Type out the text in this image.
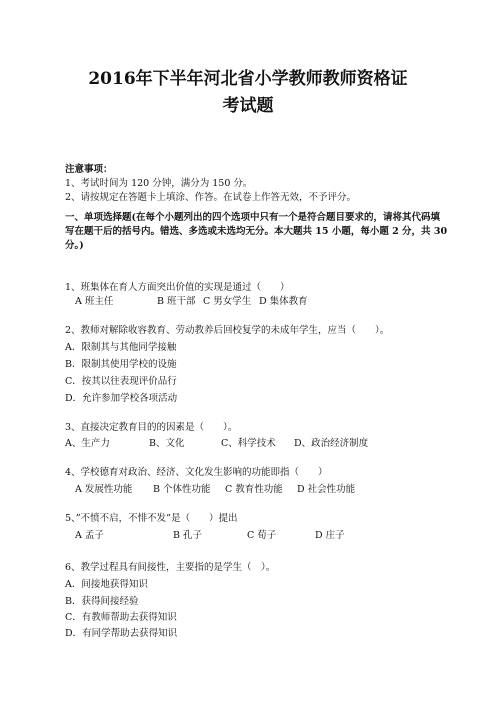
2016年下半年河北省小学教师教师资格证
考试题
注意事项：
1、考试时间为 120 分钟，满分为 150 分。
2、请按规定在答题卡上填涂、作答。在试卷上作答无效，不予评分。
一、单项选择题(在每个小题列出的四个选项中只有一个是符合题目要求的，请将其代码填
写在题干后的括号内。错选、多选或未选均无分。本大题共 15 小题，每小题 2 分，共 30
分。)
1、班集体在育人方面突出价值的实现是通过（　　）
A 班主任	B 班干部 C 男女学生 D 集体教育
2、教师对解除收容教育、劳动教养后回校复学的未成年学生，应当（　　）。
A．限制其与其他同学接触
B．限制其使用学校的设施
C．按其以往表现评价品行
D．允许参加学校各项活动
3、直接决定教育目的的因素是（　　）。
A、生产力	B、文化	C、科学技术	D、政治经济制度
4、学校德育对政治、经济、文化发生影响的功能即指（　　）
A 发展性功能	B 个体性功能	C 教育性功能	D 社会性功能
5、”不愤不启，不悱不发”是（　　）提出
A 孟子	B 孔子	C 荀子	D 庄子
6、教学过程具有间接性，主要指的是学生（　）。
A．间接地获得知识
B．获得间接经验
C．有教师帮助去获得知识
D．有同学帮助去获得知识
